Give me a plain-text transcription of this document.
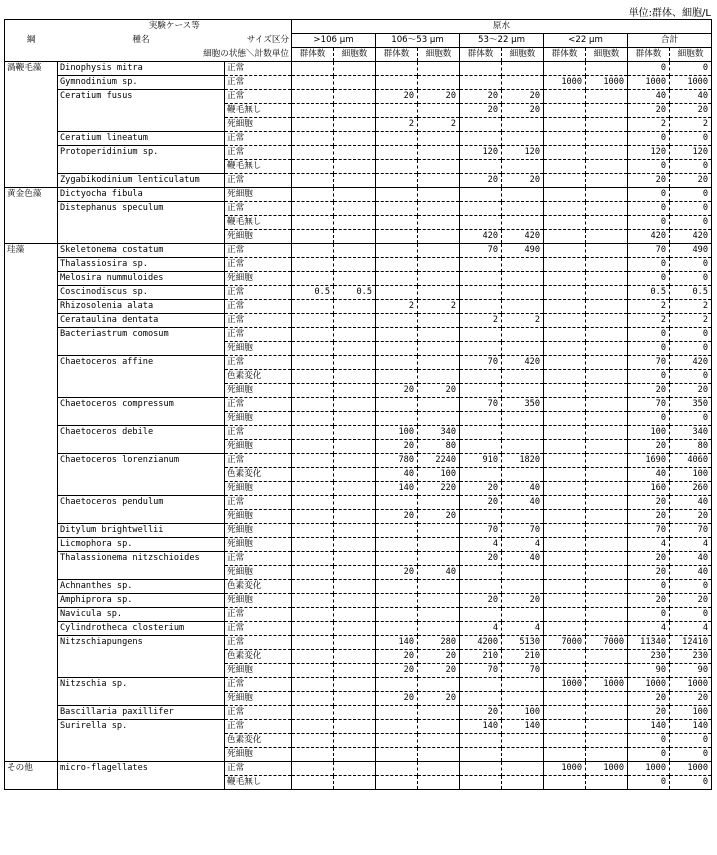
単位:群体、細胞/L
	実験ケース等		原水									
綱	種名	サイズ区分	>106 μm		106〜53 μm		53〜22 μm		<22 μm		合計	
	細胞の状態＼計数単位		群体数	細胞数	群体数	細胞数	群体数	細胞数	群体数	細胞数	群体数	細胞数
渦鞭毛藻	Dinophysis mitra	正常									0	0
	Gymnodinium sp.	正常							1000	1000	1000	1000
	Ceratium fusus	正常			20	20	20	20			40	40
		鞭毛無し					20	20			20	20
		死細胞			2	2					2	2
	Ceratium lineatum	正常									0	0
	Protoperidinium sp.	正常					120	120			120	120
		鞭毛無し									0	0
	Zygabikodinium lenticulatum	正常					20	20			20	20
黄金色藻	Dictyocha fibula	死細胞									0	0
	Distephanus speculum	正常									0	0
		鞭毛無し									0	0
		死細胞					420	420			420	420
珪藻	Skeletonema costatum	正常					70	490			70	490
	Thalassiosira sp.	正常									0	0
	Melosira nummuloides	死細胞									0	0
	Coscinodiscus sp.	正常	0.5	0.5							0.5	0.5
	Rhizosolenia alata	正常			2	2					2	2
	Cerataulina dentata	正常					2	2			2	2
	Bacteriastrum comosum	正常									0	0
		死細胞									0	0
	Chaetoceros affine	正常					70	420			70	420
		色素変化									0	0
		死細胞			20	20					20	20
	Chaetoceros compressum	正常					70	350			70	350
		死細胞									0	0
	Chaetoceros debile	正常			100	340					100	340
		死細胞			20	80					20	80
	Chaetoceros lorenzianum	正常			780	2240	910	1820			1690	4060
		色素変化			40	100					40	100
		死細胞			140	220	20	40			160	260
	Chaetoceros pendulum	正常					20	40			20	40
		死細胞			20	20					20	20
	Ditylum brightwellii	死細胞					70	70			70	70
	Licmophora sp.	死細胞					4	4			4	4
	Thalassionema nitzschioides	正常					20	40			20	40
		死細胞			20	40					20	40
	Achnanthes sp.	色素変化									0	0
	Amphiprora sp.	死細胞					20	20			20	20
	Navicula sp.	正常									0	0
	Cylindrotheca closterium	正常					4	4			4	4
	Nitzschiapungens	正常			140	280	4200	5130	7000	7000	11340	12410
		色素変化			20	20	210	210			230	230
		死細胞			20	20	70	70			90	90
	Nitzschia sp.	正常							1000	1000	1000	1000
		死細胞			20	20					20	20
	Bascillaria paxillifer	正常					20	100			20	100
	Surirella sp.	正常					140	140			140	140
		色素変化									0	0
		死細胞									0	0
その他	micro-flagellates	正常							1000	1000	1000	1000
		鞭毛無し									0	0
